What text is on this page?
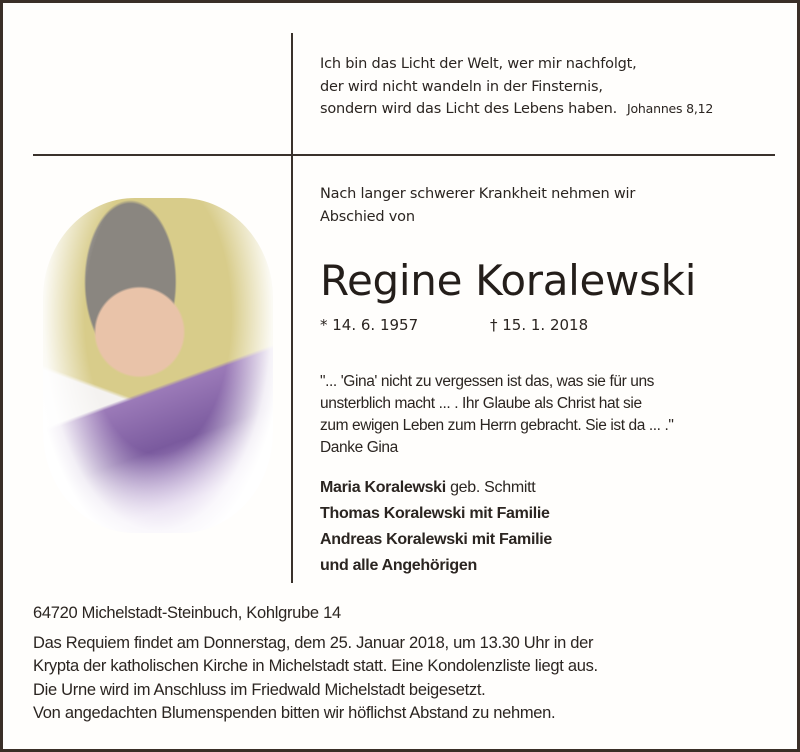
Ich bin das Licht der Welt, wer mir nachfolgt,
der wird nicht wandeln in der Finsternis,
sondern wird das Licht des Lebens haben. Johannes 8,12
Nach langer schwerer Krankheit nehmen wir
Abschied von
Regine Koralewski
* 14. 6. 1957	† 15. 1. 2018
"... 'Gina' nicht zu vergessen ist das, was sie für uns
unsterblich macht ... . Ihr Glaube als Christ hat sie
zum ewigen Leben zum Herrn gebracht. Sie ist da ... ."
Danke Gina
Maria Koralewski geb. Schmitt
Thomas Koralewski mit Familie
Andreas Koralewski mit Familie
und alle Angehörigen
64720 Michelstadt-Steinbuch, Kohlgrube 14
Das Requiem findet am Donnerstag, dem 25. Januar 2018, um 13.30 Uhr in der
Krypta der katholischen Kirche in Michelstadt statt. Eine Kondolenzliste liegt aus.
Die Urne wird im Anschluss im Friedwald Michelstadt beigesetzt.
Von angedachten Blumenspenden bitten wir höflichst Abstand zu nehmen.
